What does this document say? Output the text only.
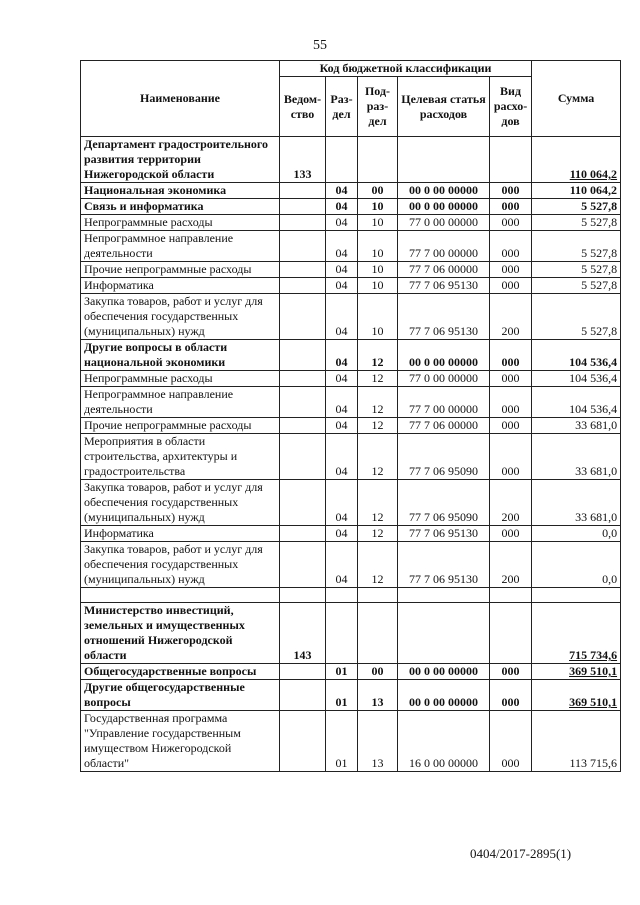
55
Наименование	Код бюджетной классификации					Сумма
	Ведом-ство	Раз-дел	Под-раз-дел	Целевая статья расходов	Вид расхо-дов	
Департамент градостроительного развития территории Нижегородской области	133					110 064,2
Национальная экономика		04	00	00 0 00 00000	000	110 064,2
Связь и информатика		04	10	00 0 00 00000	000	5 527,8
Непрограммные расходы		04	10	77 0 00 00000	000	5 527,8
Непрограммное направление деятельности		04	10	77 7 00 00000	000	5 527,8
Прочие непрограммные расходы		04	10	77 7 06 00000	000	5 527,8
Информатика		04	10	77 7 06 95130	000	5 527,8
Закупка товаров, работ и услуг для обеспечения государственных (муниципальных) нужд		04	10	77 7 06 95130	200	5 527,8
Другие вопросы в области национальной экономики		04	12	00 0 00 00000	000	104 536,4
Непрограммные расходы		04	12	77 0 00 00000	000	104 536,4
Непрограммное направление деятельности		04	12	77 7 00 00000	000	104 536,4
Прочие непрограммные расходы		04	12	77 7 06 00000	000	33 681,0
Мероприятия в области строительства, архитектуры и градостроительства		04	12	77 7 06 95090	000	33 681,0
Закупка товаров, работ и услуг для обеспечения государственных (муниципальных) нужд		04	12	77 7 06 95090	200	33 681,0
Информатика		04	12	77 7 06 95130	000	0,0
Закупка товаров, работ и услуг для обеспечения государственных (муниципальных) нужд		04	12	77 7 06 95130	200	0,0

Министерство инвестиций, земельных и имущественных отношений Нижегородской области	143					715 734,6
Общегосударственные вопросы		01	00	00 0 00 00000	000	369 510,1
Другие общегосударственные вопросы		01	13	00 0 00 00000	000	369 510,1
Государственная программа "Управление государственным имуществом Нижегородской области"		01	13	16 0 00 00000	000	113 715,6
0404/2017-2895(1)
